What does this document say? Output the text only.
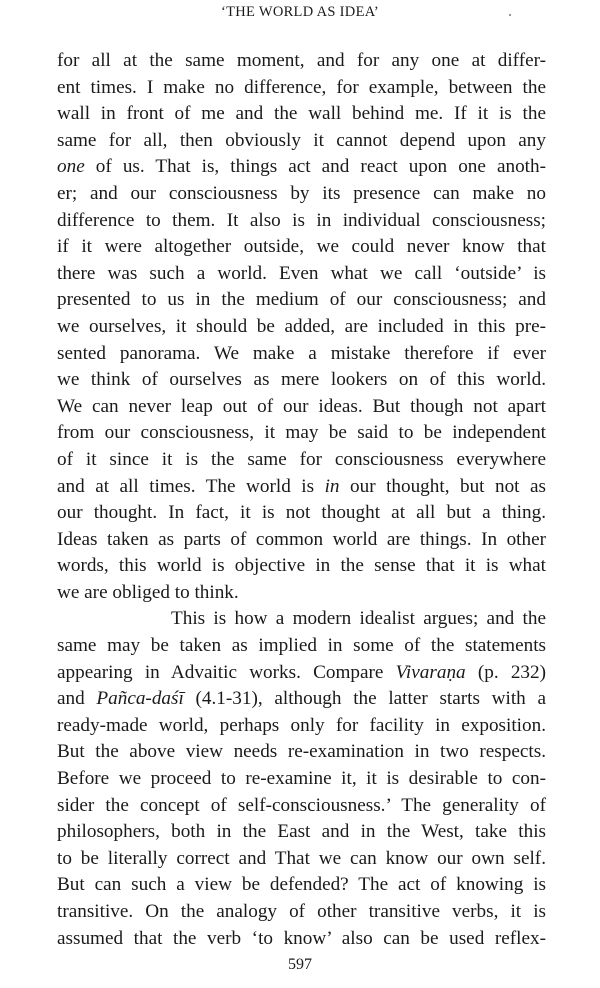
‘THE WORLD AS IDEA’
for all at the same moment, and for any one at differ-
ent times. I make no difference, for example, between the
wall in front of me and the wall behind me. If it is the
same for all, then obviously it cannot depend upon any
one of us. That is, things act and react upon one anoth-
er; and our consciousness by its presence can make no
difference to them. It also is in individual consciousness;
if it were altogether outside, we could never know that
there was such a world. Even what we call ‘outside’ is
presented to us in the medium of our consciousness; and
we ourselves, it should be added, are included in this pre-
sented panorama. We make a mistake therefore if ever
we think of ourselves as mere lookers on of this world.
We can never leap out of our ideas. But though not apart
from our consciousness, it may be said to be independent
of it since it is the same for consciousness everywhere
and at all times. The world is in our thought, but not as
our thought. In fact, it is not thought at all but a thing.
Ideas taken as parts of common world are things. In other
words, this world is objective in the sense that it is what
we are obliged to think.
This is how a modern idealist argues; and the
same may be taken as implied in some of the statements
appearing in Advaitic works. Compare Vivaraṇa (p. 232)
and Pañca-daśī (4.1-31), although the latter starts with a
ready-made world, perhaps only for facility in exposition.
But the above view needs re-examination in two respects.
Before we proceed to re-examine it, it is desirable to con-
sider the concept of self-consciousness.’ The generality of
philosophers, both in the East and in the West, take this
to be literally correct and That we can know our own self.
But can such a view be defended? The act of knowing is
transitive. On the analogy of other transitive verbs, it is
assumed that the verb ‘to know’ also can be used reflex-
597
